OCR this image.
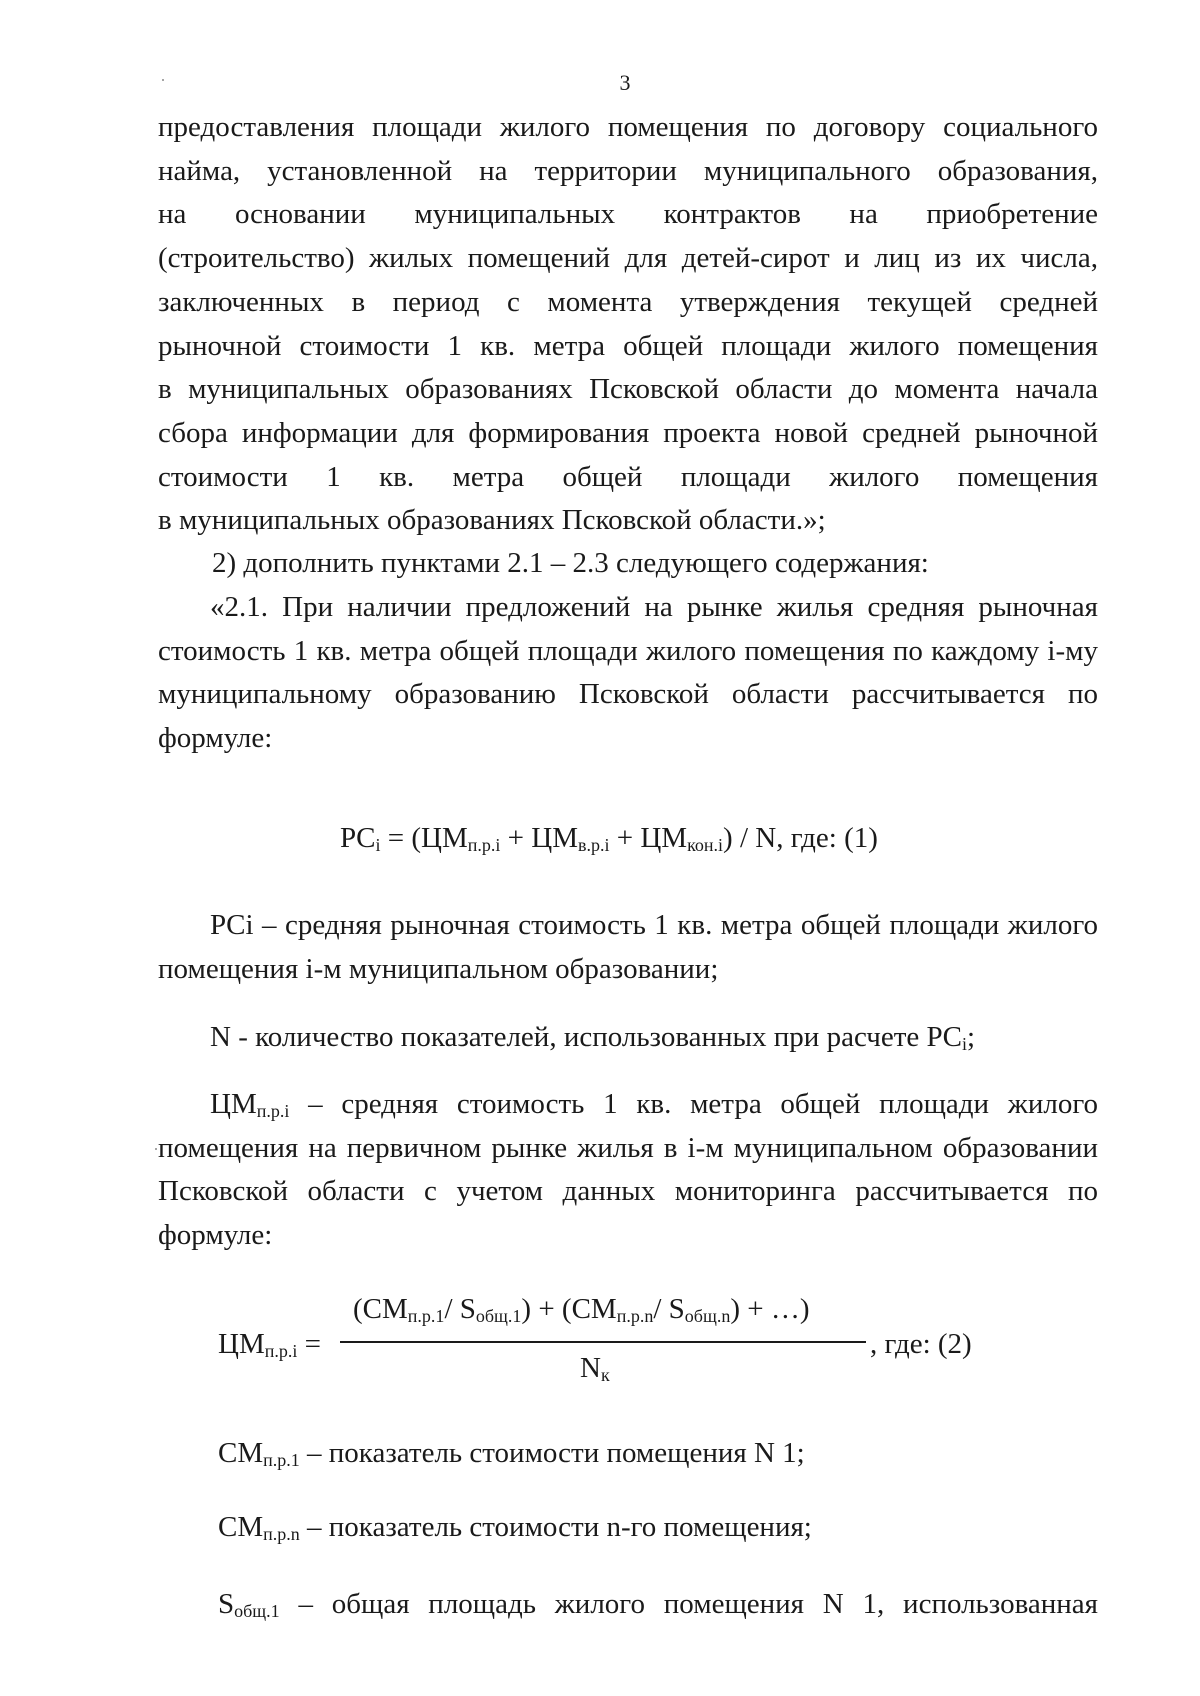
3
предоставления площади жилого помещения по договору социального
найма, установленной на территории муниципального образования,
на основании муниципальных контрактов на приобретение
(строительство) жилых помещений для детей-сирот и лиц из их числа,
заключенных в период с момента утверждения текущей средней
рыночной стоимости 1 кв. метра общей площади жилого помещения
в муниципальных образованиях Псковской области до момента начала
сбора информации для формирования проекта новой средней рыночной
стоимости 1 кв. метра общей площади жилого помещения
в муниципальных образованиях Псковской области.»;

2) дополнить пунктами 2.1 – 2.3 следующего содержания:

«2.1. При наличии предложений на рынке жилья средняя рыночная стоимость 1 кв. метра общей площади жилого помещения по каждому i-му муниципальному образованию Псковской области рассчитывается по формуле:

$PC_i = (ЦМ_{п.р.i} + ЦМ_{в.р.i} + ЦМ_{кон.i}) / N$, где: (1)

PCi – средняя рыночная стоимость 1 кв. метра общей площади жилого помещения i-м муниципальном образовании;

N - количество показателей, использованных при расчете $PC_i$;

$ЦМ_{п.р.i}$ – средняя стоимость 1 кв. метра общей площади жилого помещения на первичном рынке жилья в i-м муниципальном образовании Псковской области с учетом данных мониторинга рассчитывается по формуле:

$ЦМ_{п.р.i}$ =
($СМ_{п.р.1}/$ $S_{общ.1}) + (СМ_{п.р.n}/$ $S_{общ.n}$) + …)
$N_к$
, где: (2)

$СМ_{п.р.1}$ – показатель стоимости помещения N 1;

$СМ_{п.р.n}$ – показатель стоимости n-го помещения;

$S_{общ.1}$ – общая площадь жилого помещения N 1, использованная
